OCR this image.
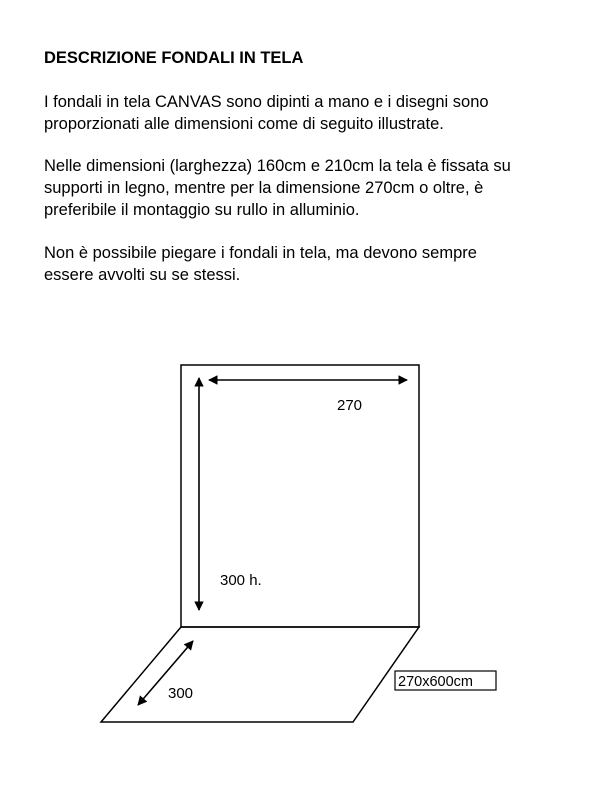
DESCRIZIONE FONDALI IN TELA

I fondali in tela CANVAS sono dipinti a mano e i disegni sono
proporzionati alle dimensioni come di seguito illustrate.

Nelle dimensioni (larghezza) 160cm e 210cm la tela è fissata su
supporti in legno, mentre per la dimensione 270cm o oltre, è
preferibile il montaggio su rullo in alluminio.

Non è possibile piegare i fondali in tela, ma devono sempre
essere avvolti su se stessi.

270
300 h.
300
270x600cm
